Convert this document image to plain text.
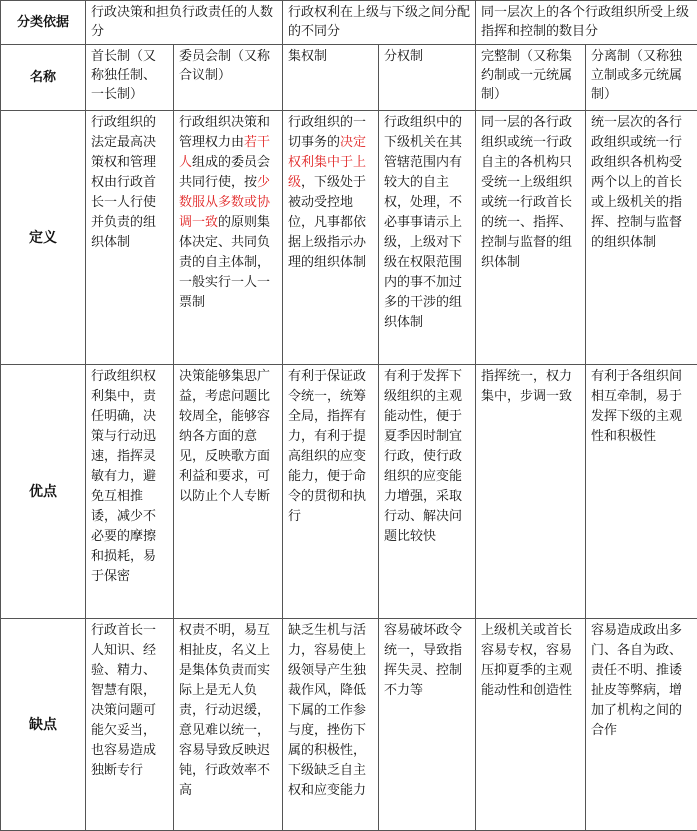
分类依据	行政决策和担负行政责任的人数分		行政权利在上级与下级之间分配的不同分		同一层次上的各个行政组织所受上级指挥和控制的数目分	
名称	首长制（又称独任制、一长制）	委员会制（又称合议制）	集权制	分权制	完整制（又称集约制或一元统属制）	分离制（又称独立制或多元统属制）
定义	行政组织的法定最高决策权和管理权由行政首长一人行使并负责的组织体制	行政组织决策和管理权力由若干人组成的委员会共同行使，按少数服从多数或协调一致的原则集体决定、共同负责的自主体制，一般实行一人一票制	行政组织的一切事务的决定权利集中于上级，下级处于被动受控地位，凡事都依据上级指示办理的组织体制	行政组织中的下级机关在其管辖范围内有较大的自主权，处理，不必事事请示上级，上级对下级在权限范围内的事不加过多的干涉的组织体制	同一层的各行政组织或统一行政自主的各机构只受统一上级组织或统一行政首长的统一、指挥、控制与监督的组织体制	统一层次的各行政组织或统一行政组织各机构受两个以上的首长或上级机关的指挥、控制与监督的组织体制
优点	行政组织权利集中，责任明确，决策与行动迅速，指挥灵敏有力，避免互相推诿，减少不必要的摩擦和损耗，易于保密	决策能够集思广益，考虑问题比较周全，能够容纳各方面的意见，反映歌方面利益和要求，可以防止个人专断	有利于保证政令统一，统筹全局，指挥有力，有利于提高组织的应变能力，便于命令的贯彻和执行	有利于发挥下级组织的主观能动性，便于夏季因时制宜行政，使行政组织的应变能力增强，采取行动、解决问题比较快	指挥统一，权力集中，步调一致	有利于各组织间相互牵制，易于发挥下级的主观性和积极性
缺点	行政首长一人知识、经验、精力、智慧有限，决策问题可能欠妥当，也容易造成独断专行	权责不明，易互相扯皮，名义上是集体负责而实际上是无人负责，行动迟缓，意见难以统一，容易导致反映迟钝，行政效率不高	缺乏生机与活力，容易使上级领导产生独裁作风，降低下属的工作参与度，挫伤下属的积极性，下级缺乏自主权和应变能力	容易破坏政令统一，导致指挥失灵、控制不力等	上级机关或首长容易专权，容易压抑夏季的主观能动性和创造性	容易造成政出多门、各自为政、责任不明、推诿扯皮等弊病，增加了机构之间的合作
